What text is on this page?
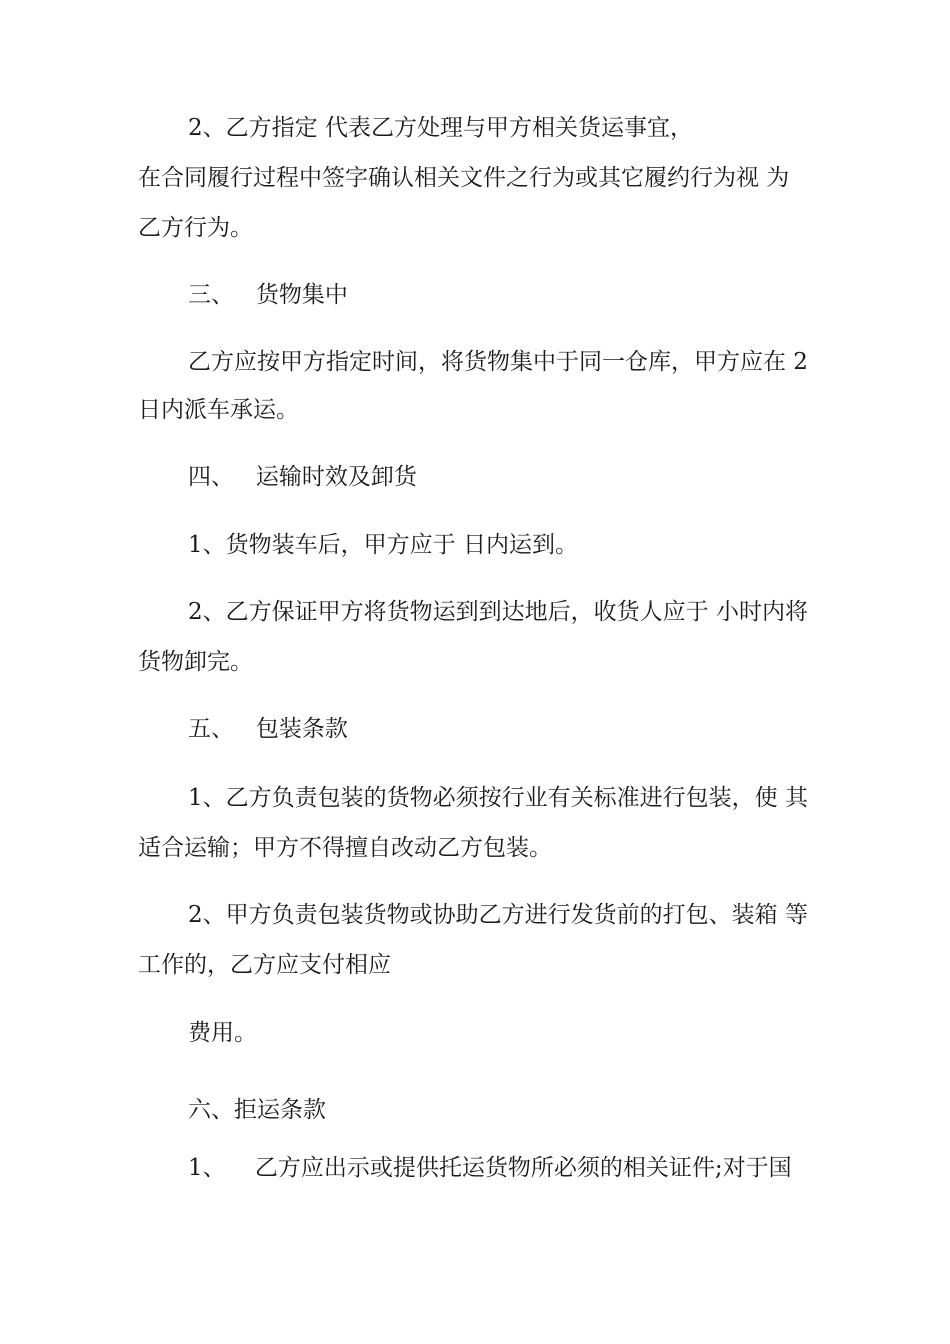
2、乙方指定 代表乙方处理与甲方相关货运事宜，

在合同履行过程中签字确认相关文件之行为或其它履约行为视 为

乙方行为。

三、   货物集中

乙方应按甲方指定时间，将货物集中于同一仓库，甲方应在 2

日内派车承运。

四、   运输时效及卸货

1、货物装车后，甲方应于 日内运到。

2、乙方保证甲方将货物运到到达地后，收货人应于 小时内将

货物卸完。

五、   包装条款

1、乙方负责包装的货物必须按行业有关标准进行包装，使 其

适合运输；甲方不得擅自改动乙方包装。

2、甲方负责包装货物或协助乙方进行发货前的打包、装箱 等

工作的，乙方应支付相应

费用。

六、拒运条款

1、    乙方应出示或提供托运货物所必须的相关证件;对于国
